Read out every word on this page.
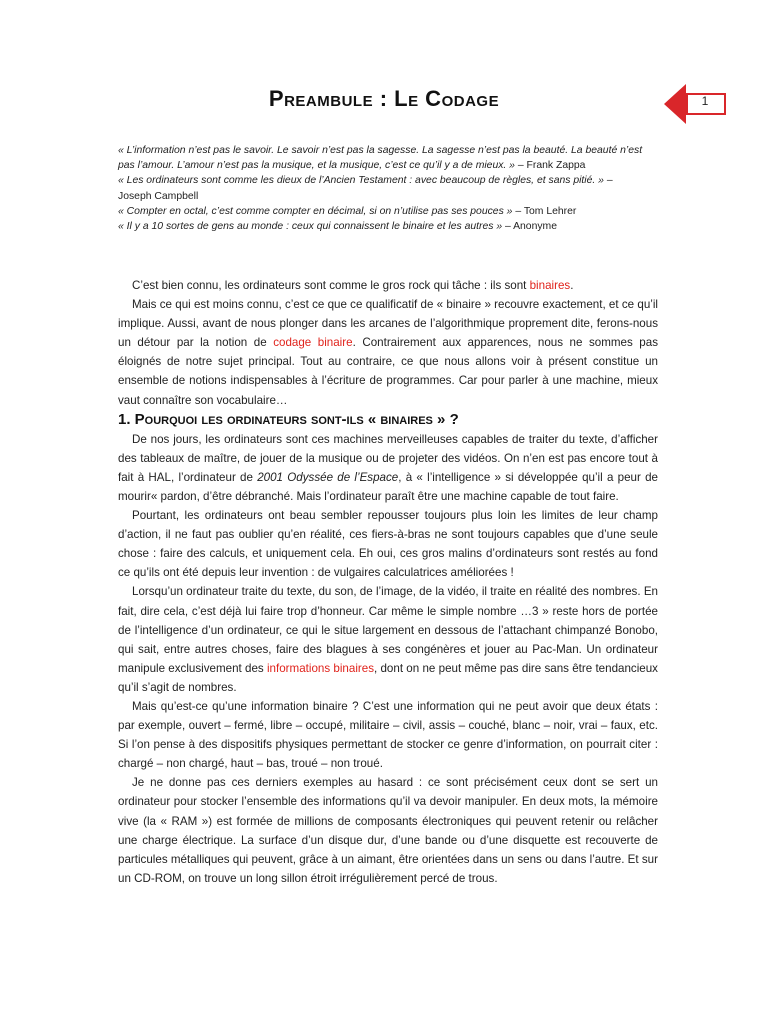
Preambule : Le Codage	1

« L’information n’est pas le savoir. Le savoir n’est pas la sagesse. La sagesse n’est pas la beauté. La beauté n’est pas l’amour. L’amour n’est pas la musique, et la musique, c’est ce qu’il y a de mieux. » – Frank Zappa

« Les ordinateurs sont comme les dieux de l’Ancien Testament : avec beaucoup de règles, et sans pitié. » – Joseph Campbell

« Compter en octal, c’est comme compter en décimal, si on n’utilise pas ses pouces » – Tom Lehrer

« Il y a 10 sortes de gens au monde : ceux qui connaissent le binaire et les autres » – Anonyme

C’est bien connu, les ordinateurs sont comme le gros rock qui tâche : ils sont binaires.

Mais ce qui est moins connu, c’est ce que ce qualificatif de « binaire » recouvre exactement, et ce qu’il implique. Aussi, avant de nous plonger dans les arcanes de l’algorithmique proprement dite, ferons-nous un détour par la notion de codage binaire. Contrairement aux apparences, nous ne sommes pas éloignés de notre sujet principal. Tout au contraire, ce que nous allons voir à présent constitue un ensemble de notions indispensables à l’écriture de programmes. Car pour parler à une machine, mieux vaut connaître son vocabulaire…

1. Pourquoi les ordinateurs sont-ils « binaires » ?

De nos jours, les ordinateurs sont ces machines merveilleuses capables de traiter du texte, d’afficher des tableaux de maître, de jouer de la musique ou de projeter des vidéos. On n’en est pas encore tout à fait à HAL, l’ordinateur de 2001 Odyssée de l’Espace, à « l’intelligence » si développée qu’il a peur de mourir« pardon, d’être débranché. Mais l’ordinateur paraît être une machine capable de tout faire.

Pourtant, les ordinateurs ont beau sembler repousser toujours plus loin les limites de leur champ d’action, il ne faut pas oublier qu’en réalité, ces fiers-à-bras ne sont toujours capables que d’une seule chose : faire des calculs, et uniquement cela. Eh oui, ces gros malins d’ordinateurs sont restés au fond ce qu’ils ont été depuis leur invention : de vulgaires calculatrices améliorées !

Lorsqu’un ordinateur traite du texte, du son, de l’image, de la vidéo, il traite en réalité des nombres. En fait, dire cela, c’est déjà lui faire trop d’honneur. Car même le simple nombre …3 » reste hors de portée de l’intelligence d’un ordinateur, ce qui le situe largement en dessous de l’attachant chimpanzé Bonobo, qui sait, entre autres choses, faire des blagues à ses congénères et jouer au Pac-Man. Un ordinateur manipule exclusivement des informations binaires, dont on ne peut même pas dire sans être tendancieux qu’il s’agit de nombres.

Mais qu’est-ce qu’une information binaire ? C’est une information qui ne peut avoir que deux états : par exemple, ouvert – fermé, libre – occupé, militaire – civil, assis – couché, blanc – noir, vrai – faux, etc. Si l’on pense à des dispositifs physiques permettant de stocker ce genre d’information, on pourrait citer : chargé – non chargé, haut – bas, troué – non troué.

Je ne donne pas ces derniers exemples au hasard : ce sont précisément ceux dont se sert un ordinateur pour stocker l’ensemble des informations qu’il va devoir manipuler. En deux mots, la mémoire vive (la « RAM ») est formée de millions de composants électroniques qui peuvent retenir ou relâcher une charge électrique. La surface d’un disque dur, d’une bande ou d’une disquette est recouverte de particules métalliques qui peuvent, grâce à un aimant, être orientées dans un sens ou dans l’autre. Et sur un CD-ROM, on trouve un long sillon étroit irrégulièrement percé de trous.
